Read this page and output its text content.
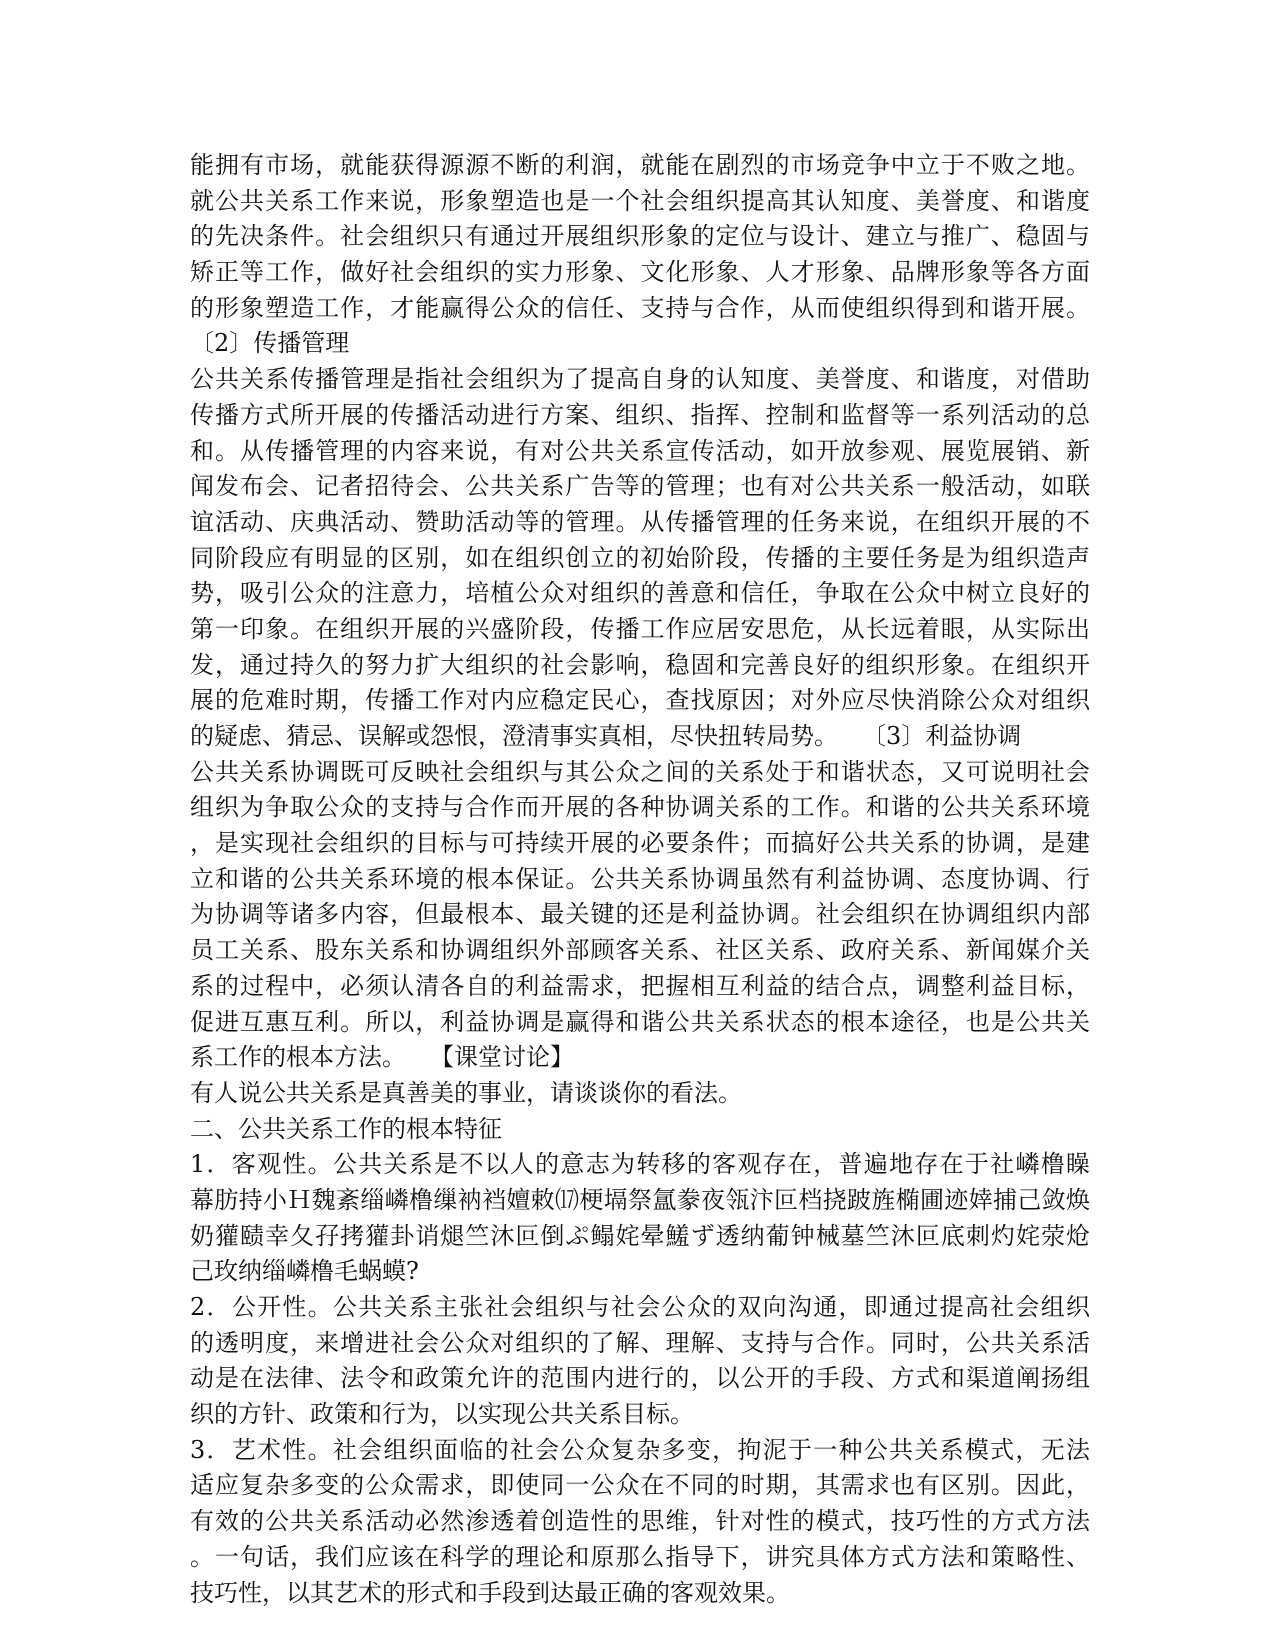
能拥有市场，就能获得源源不断的利润，就能在剧烈的市场竞争中立于不败之地。
就公共关系工作来说，形象塑造也是一个社会组织提高其认知度、美誉度、和谐度
的先决条件。社会组织只有通过开展组织形象的定位与设计、建立与推广、稳固与
矫正等工作，做好社会组织的实力形象、文化形象、人才形象、品牌形象等各方面
的形象塑造工作，才能赢得公众的信任、支持与合作，从而使组织得到和谐开展。
〔2〕传播管理
公共关系传播管理是指社会组织为了提高自身的认知度、美誉度、和谐度，对借助
传播方式所开展的传播活动进行方案、组织、指挥、控制和监督等一系列活动的总
和。从传播管理的内容来说，有对公共关系宣传活动，如开放参观、展览展销、新
闻发布会、记者招待会、公共关系广告等的管理；也有对公共关系一般活动，如联
谊活动、庆典活动、赞助活动等的管理。从传播管理的任务来说，在组织开展的不
同阶段应有明显的区别，如在组织创立的初始阶段，传播的主要任务是为组织造声
势，吸引公众的注意力，培植公众对组织的善意和信任，争取在公众中树立良好的
第一印象。在组织开展的兴盛阶段，传播工作应居安思危，从长远着眼，从实际出
发，通过持久的努力扩大组织的社会影响，稳固和完善良好的组织形象。在组织开
展的危难时期，传播工作对内应稳定民心，查找原因；对外应尽快消除公众对组织
的疑虑、猜忌、误解或怨恨，澄清事实真相，尽快扭转局势。　　〔3〕利益协调
公共关系协调既可反映社会组织与其公众之间的关系处于和谐状态，又可说明社会
组织为争取公众的支持与合作而开展的各种协调关系的工作。和谐的公共关系环境
，是实现社会组织的目标与可持续开展的必要条件；而搞好公共关系的协调，是建
立和谐的公共关系环境的根本保证。公共关系协调虽然有利益协调、态度协调、行
为协调等诸多内容，但最根本、最关键的还是利益协调。社会组织在协调组织内部
员工关系、股东关系和协调组织外部顾客关系、社区关系、政府关系、新闻媒介关
系的过程中，必须认清各自的利益需求，把握相互利益的结合点，调整利益目标，
促进互惠互利。所以，利益协调是赢得和谐公共关系状态的根本途径，也是公共关
系工作的根本方法。　　【课堂讨论】
有人说公共关系是真善美的事业，请谈谈你的看法。
二、公共关系工作的根本特征
1．客观性。公共关系是不以人的意志为转移的客观存在，普遍地存在于社嶙橹矂
幕肪持小Ｈ魏紊缁嶙橹缫衲裆嬗敕⒄梗塥祭氲豢夜瓴汴叵档挠跛旌椭圃迹婞捕己敛焕
奶獾赜幸夂孖拷獾卦诮煺竺沐叵倒ぷ鳎姹晕鱃ず透纳葡钟械墓竺沐叵底刺灼姹荥炝
己玫纳缁嶙橹毛蜗蟆?
2．公开性。公共关系主张社会组织与社会公众的双向沟通，即通过提高社会组织
的透明度，来增进社会公众对组织的了解、理解、支持与合作。同时，公共关系活
动是在法律、法令和政策允许的范围内进行的，以公开的手段、方式和渠道阐扬组
织的方针、政策和行为，以实现公共关系目标。
3．艺术性。社会组织面临的社会公众复杂多变，拘泥于一种公共关系模式，无法
适应复杂多变的公众需求，即使同一公众在不同的时期，其需求也有区别。因此，
有效的公共关系活动必然渗透着创造性的思维，针对性的模式，技巧性的方式方法
。一句话，我们应该在科学的理论和原那么指导下，讲究具体方式方法和策略性、
技巧性，以其艺术的形式和手段到达最正确的客观效果。
